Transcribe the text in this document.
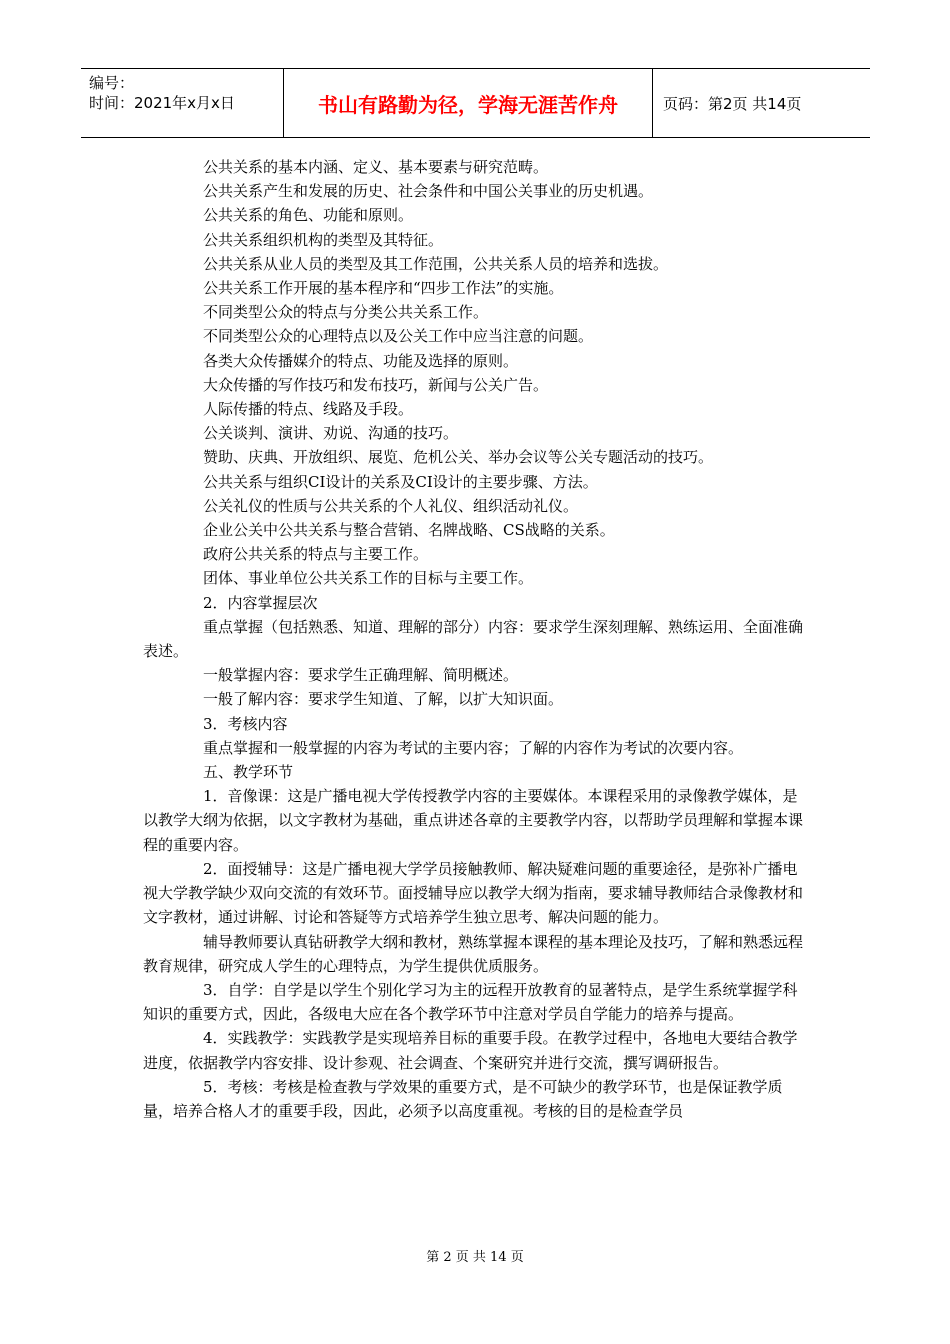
编号：
时间：2021年x月x日	书山有路勤为径，学海无涯苦作舟	页码：第2页 共14页

公共关系的基本内涵、定义、基本要素与研究范畴。

公共关系产生和发展的历史、社会条件和中国公关事业的历史机遇。

公共关系的角色、功能和原则。

公共关系组织机构的类型及其特征。

公共关系从业人员的类型及其工作范围，公共关系人员的培养和选拔。

公共关系工作开展的基本程序和“四步工作法”的实施。

不同类型公众的特点与分类公共关系工作。

不同类型公众的心理特点以及公关工作中应当注意的问题。

各类大众传播媒介的特点、功能及选择的原则。

大众传播的写作技巧和发布技巧，新闻与公关广告。

人际传播的特点、线路及手段。

公关谈判、演讲、劝说、沟通的技巧。

赞助、庆典、开放组织、展览、危机公关、举办会议等公关专题活动的技巧。

公共关系与组织CI设计的关系及CI设计的主要步骤、方法。

公关礼仪的性质与公共关系的个人礼仪、组织活动礼仪。

企业公关中公共关系与整合营销、名牌战略、CS战略的关系。

政府公共关系的特点与主要工作。

团体、事业单位公共关系工作的目标与主要工作。

2．内容掌握层次

重点掌握（包括熟悉、知道、理解的部分）内容：要求学生深刻理解、熟练运用、全面准确表述。

一般掌握内容：要求学生正确理解、简明概述。

一般了解内容：要求学生知道、了解，以扩大知识面。

3．考核内容

重点掌握和一般掌握的内容为考试的主要内容；了解的内容作为考试的次要内容。

五、教学环节

1．音像课：这是广播电视大学传授教学内容的主要媒体。本课程采用的录像教学媒体，是以教学大纲为依据，以文字教材为基础，重点讲述各章的主要教学内容，以帮助学员理解和掌握本课程的重要内容。

2．面授辅导：这是广播电视大学学员接触教师、解决疑难问题的重要途径，是弥补广播电视大学教学缺少双向交流的有效环节。面授辅导应以教学大纲为指南，要求辅导教师结合录像教材和文字教材，通过讲解、讨论和答疑等方式培养学生独立思考、解决问题的能力。

辅导教师要认真钻研教学大纲和教材，熟练掌握本课程的基本理论及技巧，了解和熟悉远程教育规律，研究成人学生的心理特点，为学生提供优质服务。

3．自学：自学是以学生个别化学习为主的远程开放教育的显著特点，是学生系统掌握学科知识的重要方式，因此，各级电大应在各个教学环节中注意对学员自学能力的培养与提高。

4．实践教学：实践教学是实现培养目标的重要手段。在教学过程中，各地电大要结合教学进度，依据教学内容安排、设计参观、社会调查、个案研究并进行交流，撰写调研报告。

5．考核：考核是检查教与学效果的重要方式，是不可缺少的教学环节，也是保证教学质量，培养合格人才的重要手段，因此，必须予以高度重视。考核的目的是检查学员

第 2 页 共 14 页
